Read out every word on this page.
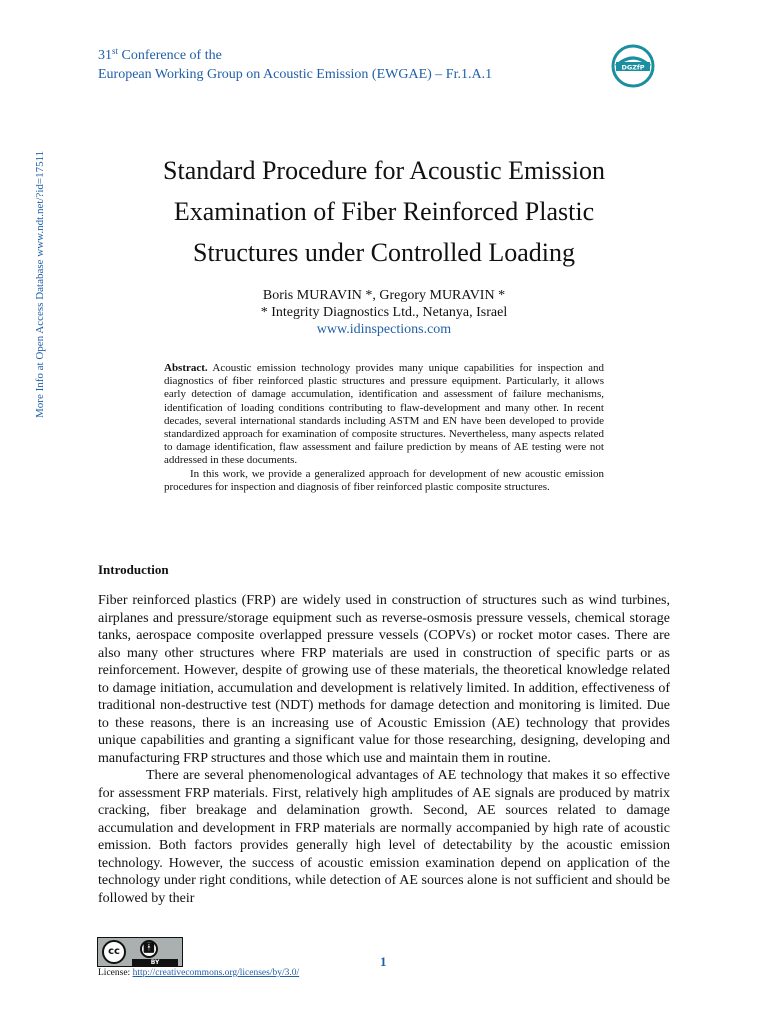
31st Conference of the
European Working Group on Acoustic Emission (EWGAE) – Fr.1.A.1	DGZfP
More Info at Open Access Database www.ndt.net/?id=17511	Standard Procedure for Acoustic Emission
Examination of Fiber Reinforced Plastic
Structures under Controlled Loading
Boris MURAVIN *, Gregory MURAVIN *
* Integrity Diagnostics Ltd., Netanya, Israel
www.idinspections.com

Abstract. Acoustic emission technology provides many unique capabilities for inspection and diagnostics of fiber reinforced plastic structures and pressure equipment. Particularly, it allows early detection of damage accumulation, identification and assessment of failure mechanisms, identification of loading conditions contributing to flaw-development and many other. In recent decades, several international standards including ASTM and EN have been developed to provide standardized approach for examination of composite structures. Nevertheless, many aspects related to damage identification, flaw assessment and failure prediction by means of AE testing were not addressed in these documents.

In this work, we provide a generalized approach for development of new acoustic emission procedures for inspection and diagnosis of fiber reinforced plastic composite structures.

Introduction

Fiber reinforced plastics (FRP) are widely used in construction of structures such as wind turbines, airplanes and pressure/storage equipment such as reverse-osmosis pressure vessels, chemical storage tanks, aerospace composite overlapped pressure vessels (COPVs) or rocket motor cases. There are also many other structures where FRP materials are used in construction of specific parts or as reinforcement. However, despite of growing use of these materials, the theoretical knowledge related to damage initiation, accumulation and development is relatively limited. In addition, effectiveness of traditional non-destructive test (NDT) methods for damage detection and monitoring is limited. Due to these reasons, there is an increasing use of Acoustic Emission (AE) technology that provides unique capabilities and granting a significant value for those researching, designing, developing and manufacturing FRP structures and those which use and maintain them in routine.

There are several phenomenological advantages of AE technology that makes it so effective for assessment FRP materials. First, relatively high amplitudes of AE signals are produced by matrix cracking, fiber breakage and delamination growth. Second, AE sources related to damage accumulation and development in FRP materials are normally accompanied by high rate of acoustic emission. Both factors provides generally high level of detectability by the acoustic emission technology. However, the success of acoustic emission examination depend on application of the technology under right conditions, while detection of AE sources alone is not sufficient and should be followed by their

cc	🚹︎
BY	1
License: http://creativecommons.org/licenses/by/3.0/
